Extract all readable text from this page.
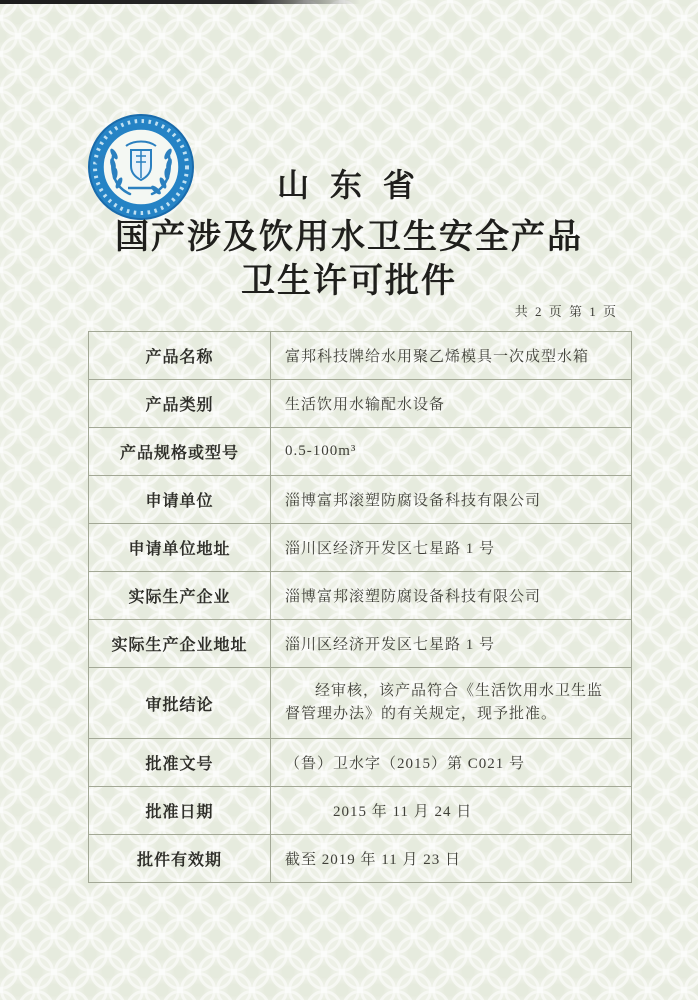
山 东 省
国产涉及饮用水卫生安全产品
卫生许可批件
共 2 页 第 1 页
产品名称	富邦科技牌给水用聚乙烯模具一次成型水箱
产品类别	生活饮用水输配水设备
产品规格或型号	0.5-100m³
申请单位	淄博富邦滚塑防腐设备科技有限公司
申请单位地址	淄川区经济开发区七星路 1 号
实际生产企业	淄博富邦滚塑防腐设备科技有限公司
实际生产企业地址	淄川区经济开发区七星路 1 号
审批结论	经审核，该产品符合《生活饮用水卫生监督管理办法》的有关规定，现予批准。
批准文号	（鲁）卫水字（2015）第 C021 号
批准日期	2015 年 11 月 24 日
批件有效期	截至 2019 年 11 月 23 日
